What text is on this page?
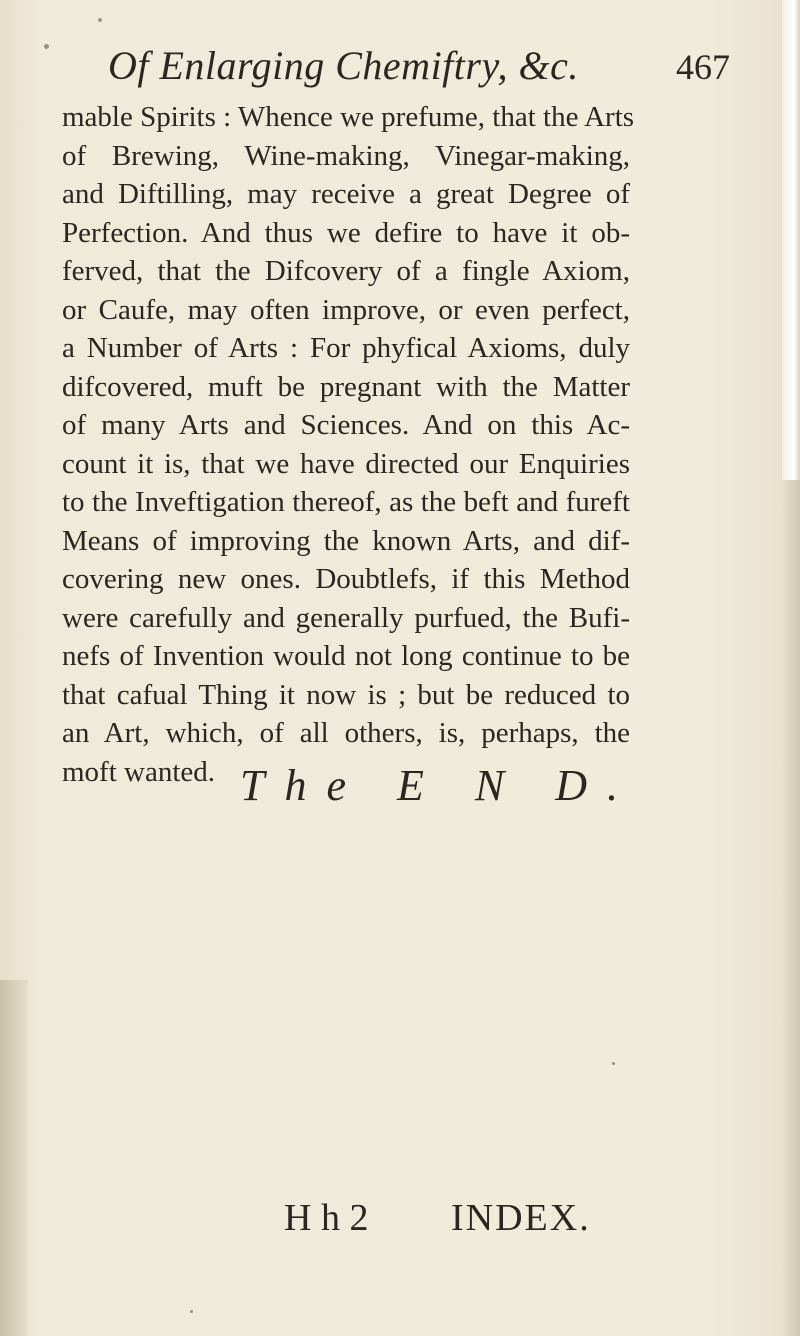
Of Enlarging Chemiftry, &c.	467
mable Spirits : Whence we prefume, that the Arts
of Brewing, Wine-making, Vinegar-making,
and Diftilling, may receive a great Degree of
Perfection. And thus we defire to have it ob-
ferved, that the Difcovery of a fingle Axiom,
or Caufe, may often improve, or even perfect,
a Number of Arts : For phyfical Axioms, duly
difcovered, muft be pregnant with the Matter
of many Arts and Sciences. And on this Ac-
count it is, that we have directed our Enquiries
to the Inveftigation thereof, as the beft and fureft
Means of improving the known Arts, and dif-
covering new ones. Doubtlefs, if this Method
were carefully and generally purfued, the Bufi-
nefs of Invention would not long continue to be
that cafual Thing it now is ; but be reduced to
an Art, which, of all others, is, perhaps, the
moft wanted. The E N D.
H h 2 INDEX.
